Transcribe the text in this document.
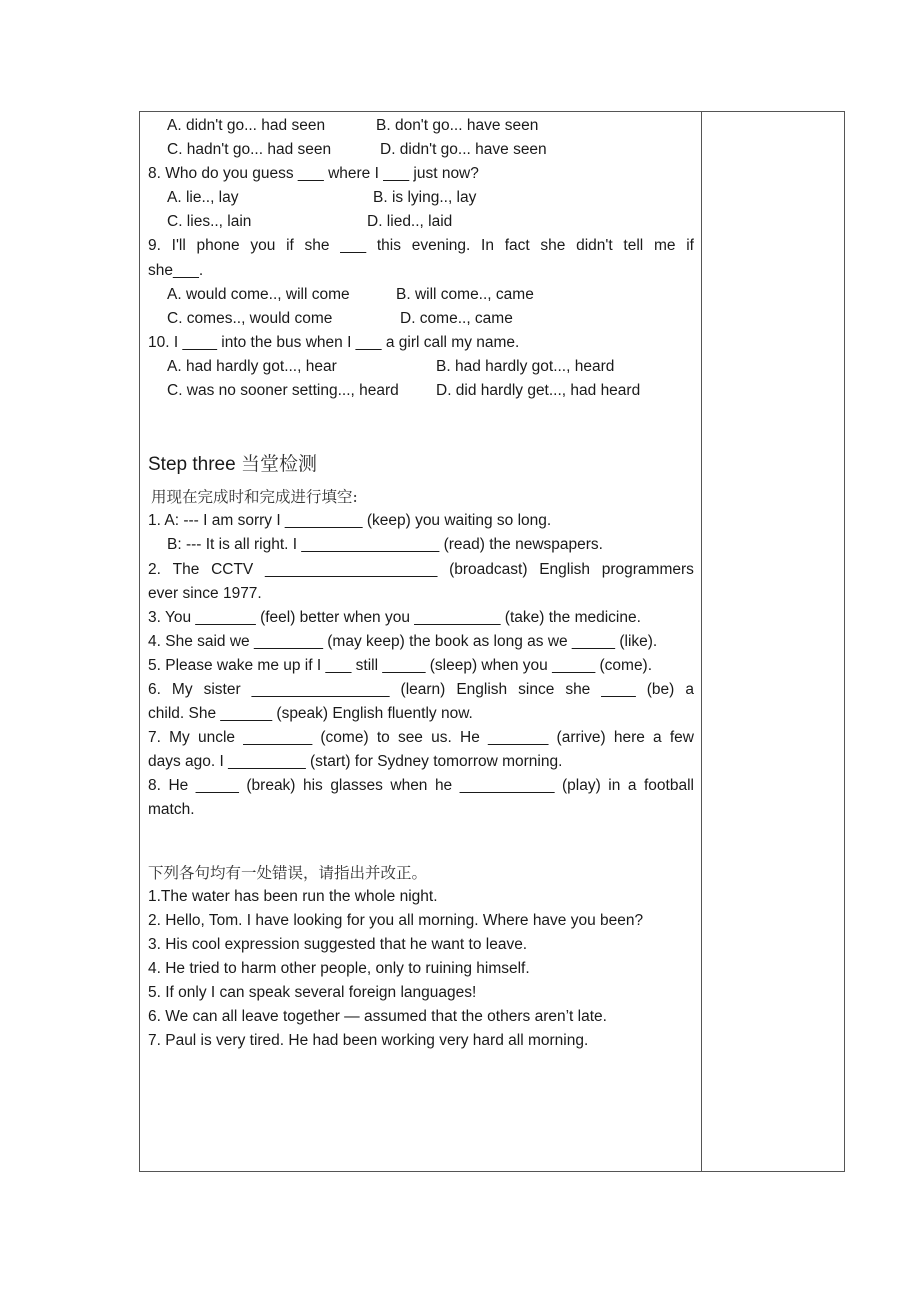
A. didn't go... had seen	B. don't go... have seen
C. hadn't go... had seen	D. didn't go... have seen
8. Who do you guess ___ where I ___ just now?
A. lie.., lay	B. is lying.., lay
C. lies.., lain	D. lied.., laid
9. I'll phone you if she ___ this evening. In fact she didn't tell me if
she___.
A. would come.., will come	B. will come.., came
C. comes.., would come	D. come.., came
10. I ____ into the bus when I ___ a girl call my name.
A. had hardly got..., hear	B. had hardly got..., heard
C. was no sooner setting..., heard D. did hardly get..., had heard
Step three 当堂检测
用现在完成时和完成进行填空:
1. A: --- I am sorry I _________ (keep) you waiting so long.
B: --- It is all right. I ________________ (read) the newspapers.
2. The CCTV ____________________ (broadcast) English programmers
ever since 1977.
3. You _______ (feel) better when you __________ (take) the medicine.
4. She said we ________ (may keep) the book as long as we _____ (like).
5. Please wake me up if I ___ still _____ (sleep) when you _____ (come).
6. My sister ________________ (learn) English since she ____ (be) a
child. She ______ (speak) English fluently now.
7. My uncle ________ (come) to see us. He _______ (arrive) here a few
days ago. I _________ (start) for Sydney tomorrow morning.
8. He _____ (break) his glasses when he ___________ (play) in a football
match.
下列各句均有一处错误，请指出并改正。
1.The water has been run the whole night.
2. Hello, Tom. I have looking for you all morning. Where have you been?
3. His cool expression suggested that he want to leave.
4. He tried to harm other people, only to ruining himself.
5. If only I can speak several foreign languages!
6. We can all leave together — assumed that the others aren’t late.
7. Paul is very tired. He had been working very hard all morning.
